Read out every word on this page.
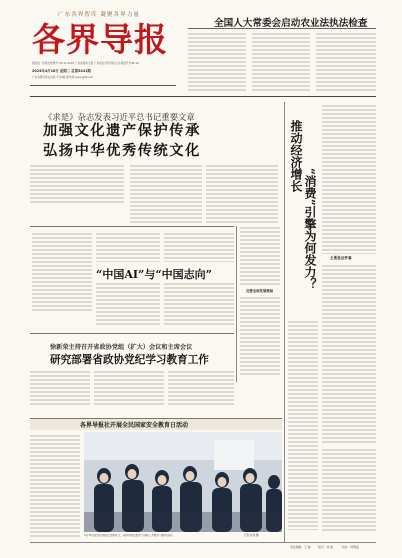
广东各界智库 凝聚各界力量
各界导报
国内统一连续出版物号 CN 11-0201 广东省政协主管 广东省社会科学院主办 邮发代号45-16
广东各界导报社出版 今日8版 新华网 www.gjdb.net
2024年4月16日 星期二 总第5441期
全国人大常委会启动农业法执法检查
《求是》杂志发表习近平总书记重要文章
加强文化遗产保护传承
弘扬中华优秀传统文化	推动经济增长
“消费”引擎为何发力？	主要是这件事
完善全面发展格局
“中国AI”与“中国志向”
徐新荣主持召开省政协党组（扩大）会议和主席会议
研究部署省政协党纪学习教育工作
各界导报社开展全民国家安全教育日活动
4月15日是全民国家安全教育日，各界导报社组织干部职工开展学习教育活动。	记者 赵伟 摄
责任编辑：王 瑞	版式：刘 娟	校对：周明丽
